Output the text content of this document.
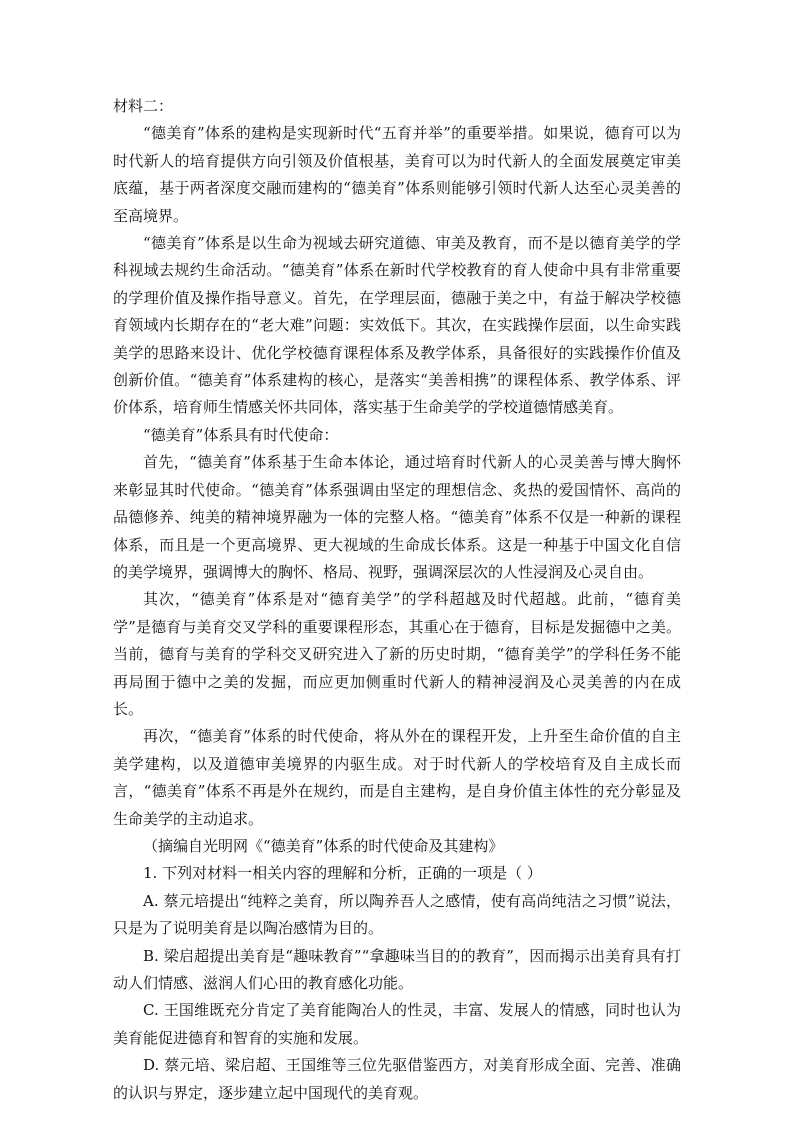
材料二：

“德美育”体系的建构是实现新时代“五育并举”的重要举措。如果说，德育可以为时代新人的培育提供方向引领及价值根基，美育可以为时代新人的全面发展奠定审美底蕴，基于两者深度交融而建构的“德美育”体系则能够引领时代新人达至心灵美善的至高境界。

“德美育”体系是以生命为视域去研究道德、审美及教育，而不是以德育美学的学科视域去规约生命活动。“德美育”体系在新时代学校教育的育人使命中具有非常重要的学理价值及操作指导意义。首先，在学理层面，德融于美之中，有益于解决学校德育领域内长期存在的“老大难”问题：实效低下。其次，在实践操作层面，以生命实践美学的思路来设计、优化学校德育课程体系及教学体系，具备很好的实践操作价值及创新价值。“德美育”体系建构的核心，是落实“美善相携”的课程体系、教学体系、评价体系，培育师生情感关怀共同体，落实基于生命美学的学校道德情感美育。

“德美育”体系具有时代使命：

首先，“德美育”体系基于生命本体论，通过培育时代新人的心灵美善与博大胸怀来彰显其时代使命。“德美育”体系强调由坚定的理想信念、炙热的爱国情怀、高尚的品德修养、纯美的精神境界融为一体的完整人格。“德美育”体系不仅是一种新的课程体系，而且是一个更高境界、更大视域的生命成长体系。这是一种基于中国文化自信的美学境界，强调博大的胸怀、格局、视野，强调深层次的人性浸润及心灵自由。

其次，“德美育”体系是对“德育美学”的学科超越及时代超越。此前，“德育美学”是德育与美育交叉学科的重要课程形态，其重心在于德育，目标是发掘德中之美。当前，德育与美育的学科交叉研究进入了新的历史时期，“德育美学”的学科任务不能再局囿于德中之美的发掘，而应更加侧重时代新人的精神浸润及心灵美善的内在成长。

再次，“德美育”体系的时代使命，将从外在的课程开发，上升至生命价值的自主美学建构，以及道德审美境界的内驱生成。对于时代新人的学校培育及自主成长而言，“德美育”体系不再是外在规约，而是自主建构，是自身价值主体性的充分彰显及生命美学的主动追求。

（摘编自光明网《“德美育”体系的时代使命及其建构》

1. 下列对材料一相关内容的理解和分析，正确的一项是（ ）

A. 蔡元培提出“纯粹之美育，所以陶养吾人之感情，使有高尚纯洁之习惯”说法，只是为了说明美育是以陶冶感情为目的。

B. 梁启超提出美育是“趣味教育”“拿趣味当目的的教育”，因而揭示出美育具有打动人们情感、滋润人们心田的教育感化功能。

C. 王国维既充分肯定了美育能陶冶人的性灵，丰富、发展人的情感，同时也认为美育能促进德育和智育的实施和发展。

D. 蔡元培、梁启超、王国维等三位先驱借鉴西方，对美育形成全面、完善、准确的认识与界定，逐步建立起中国现代的美育观。
